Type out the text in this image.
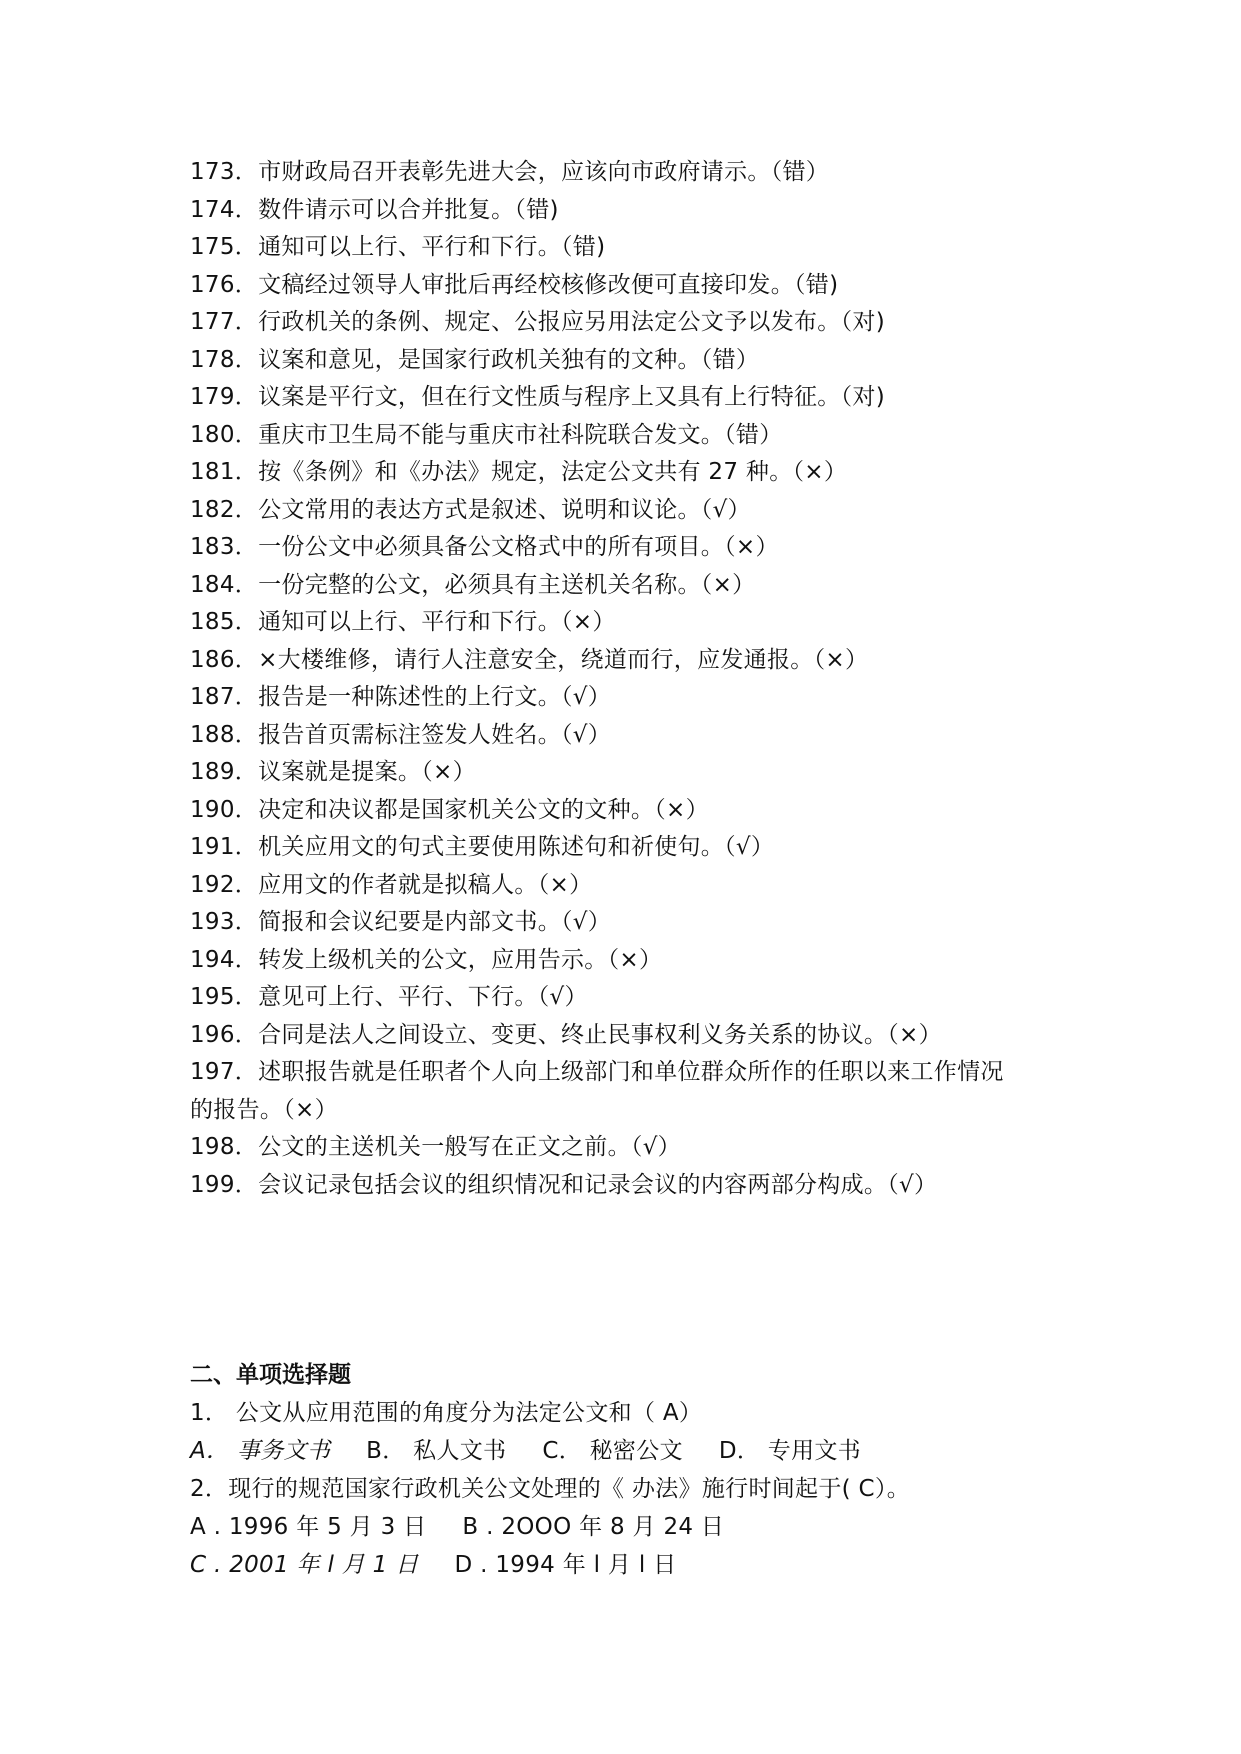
173．市财政局召开表彰先进大会，应该向市政府请示。（错）
174．数件请示可以合并批复。（错)
175．通知可以上行、平行和下行。（错)
176．文稿经过领导人审批后再经校核修改便可直接印发。（错)
177．行政机关的条例、规定、公报应另用法定公文予以发布。（对)
178．议案和意见，是国家行政机关独有的文种。（错）
179．议案是平行文，但在行文性质与程序上又具有上行特征。（对)
180．重庆市卫生局不能与重庆市社科院联合发文。（错）
181．按《条例》和《办法》规定，法定公文共有 27 种。（×）
182．公文常用的表达方式是叙述、说明和议论。（√）
183．一份公文中必须具备公文格式中的所有项目。（×）
184．一份完整的公文，必须具有主送机关名称。（×）
185．通知可以上行、平行和下行。（×）
186．×大楼维修，请行人注意安全，绕道而行，应发通报。（×）
187．报告是一种陈述性的上行文。（√）
188．报告首页需标注签发人姓名。（√）
189．议案就是提案。（×）
190．决定和决议都是国家机关公文的文种。（×）
191．机关应用文的句式主要使用陈述句和祈使句。（√）
192．应用文的作者就是拟稿人。（×）
193．简报和会议纪要是内部文书。（√）
194．转发上级机关的公文，应用告示。（×）
195．意见可上行、平行、下行。（√）
196．合同是法人之间设立、变更、终止民事权利义务关系的协议。（×）
197．述职报告就是任职者个人向上级部门和单位群众所作的任职以来工作情况
的报告。（×）
198．公文的主送机关一般写在正文之前。（√）
199．会议记录包括会议的组织情况和记录会议的内容两部分构成。（√）
二、单项选择题
1． 公文从应用范围的角度分为法定公文和（ A）
A． 事务文书 B． 私人文书 C． 秘密公文 D． 专用文书
2．现行的规范国家行政机关公文处理的《 办法》施行时间起于( C）。
A . 1996 年 5 月 3 日 B . 2OOO 年 8 月 24 日
C . 2001 年 l 月 1 日 D . 1994 年 l 月 l 日
